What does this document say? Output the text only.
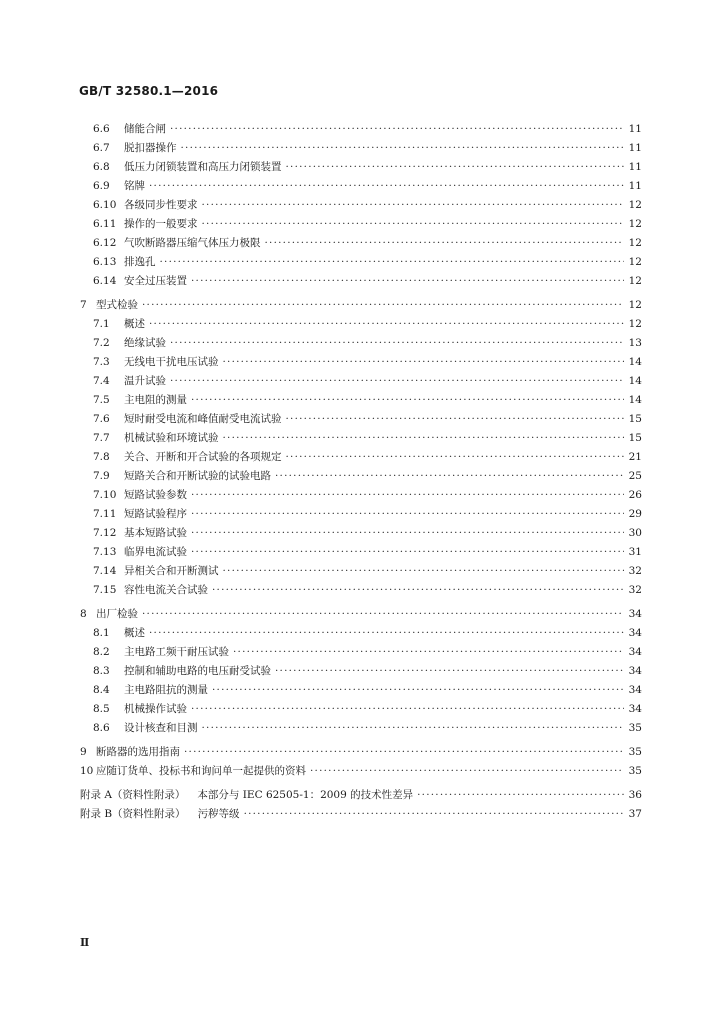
GB/T 32580.1—2016
6.6	储能合闸 ·····	11
6.7	脱扣器操作 ·····	11
6.8	低压力闭锁装置和高压力闭锁装置 ·····	11
6.9	铭牌 ·····	11
6.10 各级同步性要求 ·····	12
6.11 操作的一般要求 ·····	12
6.12 气吹断路器压缩气体压力极限 ·····	12
6.13 排逸孔 ·····	12
6.14 安全过压装置 ·····	12
7 型式检验 ·····	12
7.1	概述 ·····	12
7.2	绝缘试验 ·····	13
7.3	无线电干扰电压试验 ·····	14
7.4	温升试验 ·····	14
7.5	主电阻的测量 ·····	14
7.6	短时耐受电流和峰值耐受电流试验 ·····	15
7.7	机械试验和环境试验 ·····	15
7.8	关合、开断和开合试验的各项规定 ·····	21
7.9	短路关合和开断试验的试验电路 ·····	25
7.10 短路试验参数 ·····	26
7.11 短路试验程序 ·····	29
7.12 基本短路试验 ·····	30
7.13 临界电流试验 ·····	31
7.14 异相关合和开断测试 ·····	32
7.15 容性电流关合试验 ·····	32
8 出厂检验 ·····	34
8.1	概述 ·····	34
8.2	主电路工频干耐压试验 ·····	34
8.3	控制和辅助电路的电压耐受试验 ·····	34
8.4	主电路阻抗的测量 ·····	34
8.5	机械操作试验 ·····	34
8.6	设计核查和目测 ·····	35
9 断路器的选用指南 ·····	35
10 应随订货单、投标书和询问单一起提供的资料 ·····	35
附录 A（资料性附录） 本部分与 IEC 62505-1：2009 的技术性差异 ·····	36
附录 B（资料性附录） 污秽等级 ·····	37
Ⅱ
